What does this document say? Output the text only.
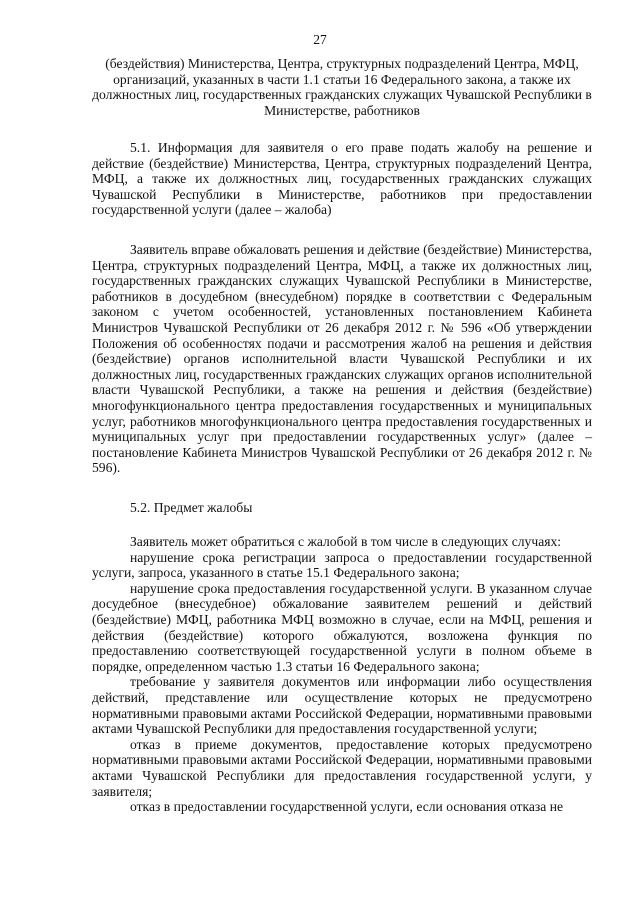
27
(бездействия) Министерства, Центра, структурных подразделений Центра, МФЦ, организаций, указанных в части 1.1 статьи 16 Федерального закона, а также их должностных лиц, государственных гражданских служащих Чувашской Республики в Министерстве, работников

5.1. Информация для заявителя о его праве подать жалобу на решение и действие (бездействие) Министерства, Центра, структурных подразделений Центра, МФЦ, а также их должностных лиц, государственных гражданских служащих Чувашской Республики в Министерстве, работников при предоставлении государственной услуги (далее – жалоба)

Заявитель вправе обжаловать решения и действие (бездействие) Министерства, Центра, структурных подразделений Центра, МФЦ, а также их должностных лиц, государственных гражданских служащих Чувашской Республики в Министерстве, работников в досудебном (внесудебном) порядке в соответствии с Федеральным законом с учетом особенностей, установленных постановлением Кабинета Министров Чувашской Республики от 26 декабря 2012 г. № 596 «Об утверждении Положения об особенностях подачи и рассмотрения жалоб на решения и действия (бездействие) органов исполнительной власти Чувашской Республики и их должностных лиц, государственных гражданских служащих органов исполнительной власти Чувашской Республики, а также на решения и действия (бездействие) многофункционального центра предоставления государственных и муниципальных услуг, работников многофункционального центра предоставления государственных и муниципальных услуг при предоставлении государственных услуг» (далее – постановление Кабинета Министров Чувашской Республики от 26 декабря 2012 г. № 596).

5.2. Предмет жалобы

Заявитель может обратиться с жалобой в том числе в следующих случаях:

нарушение срока регистрации запроса о предоставлении государственной услуги, запроса, указанного в статье 15.1 Федерального закона;

нарушение срока предоставления государственной услуги. В указанном случае досудебное (внесудебное) обжалование заявителем решений и действий (бездействие) МФЦ, работника МФЦ возможно в случае, если на МФЦ, решения и действия (бездействие) которого обжалуются, возложена функция по предоставлению соответствующей государственной услуги в полном объеме в порядке, определенном частью 1.3 статьи 16 Федерального закона;

требование у заявителя документов или информации либо осуществления действий, представление или осуществление которых не предусмотрено нормативными правовыми актами Российской Федерации, нормативными правовыми актами Чувашской Республики для предоставления государственной услуги;

отказ в приеме документов, предоставление которых предусмотрено нормативными правовыми актами Российской Федерации, нормативными правовыми актами Чувашской Республики для предоставления государственной услуги, у заявителя;

отказ в предоставлении государственной услуги, если основания отказа не
